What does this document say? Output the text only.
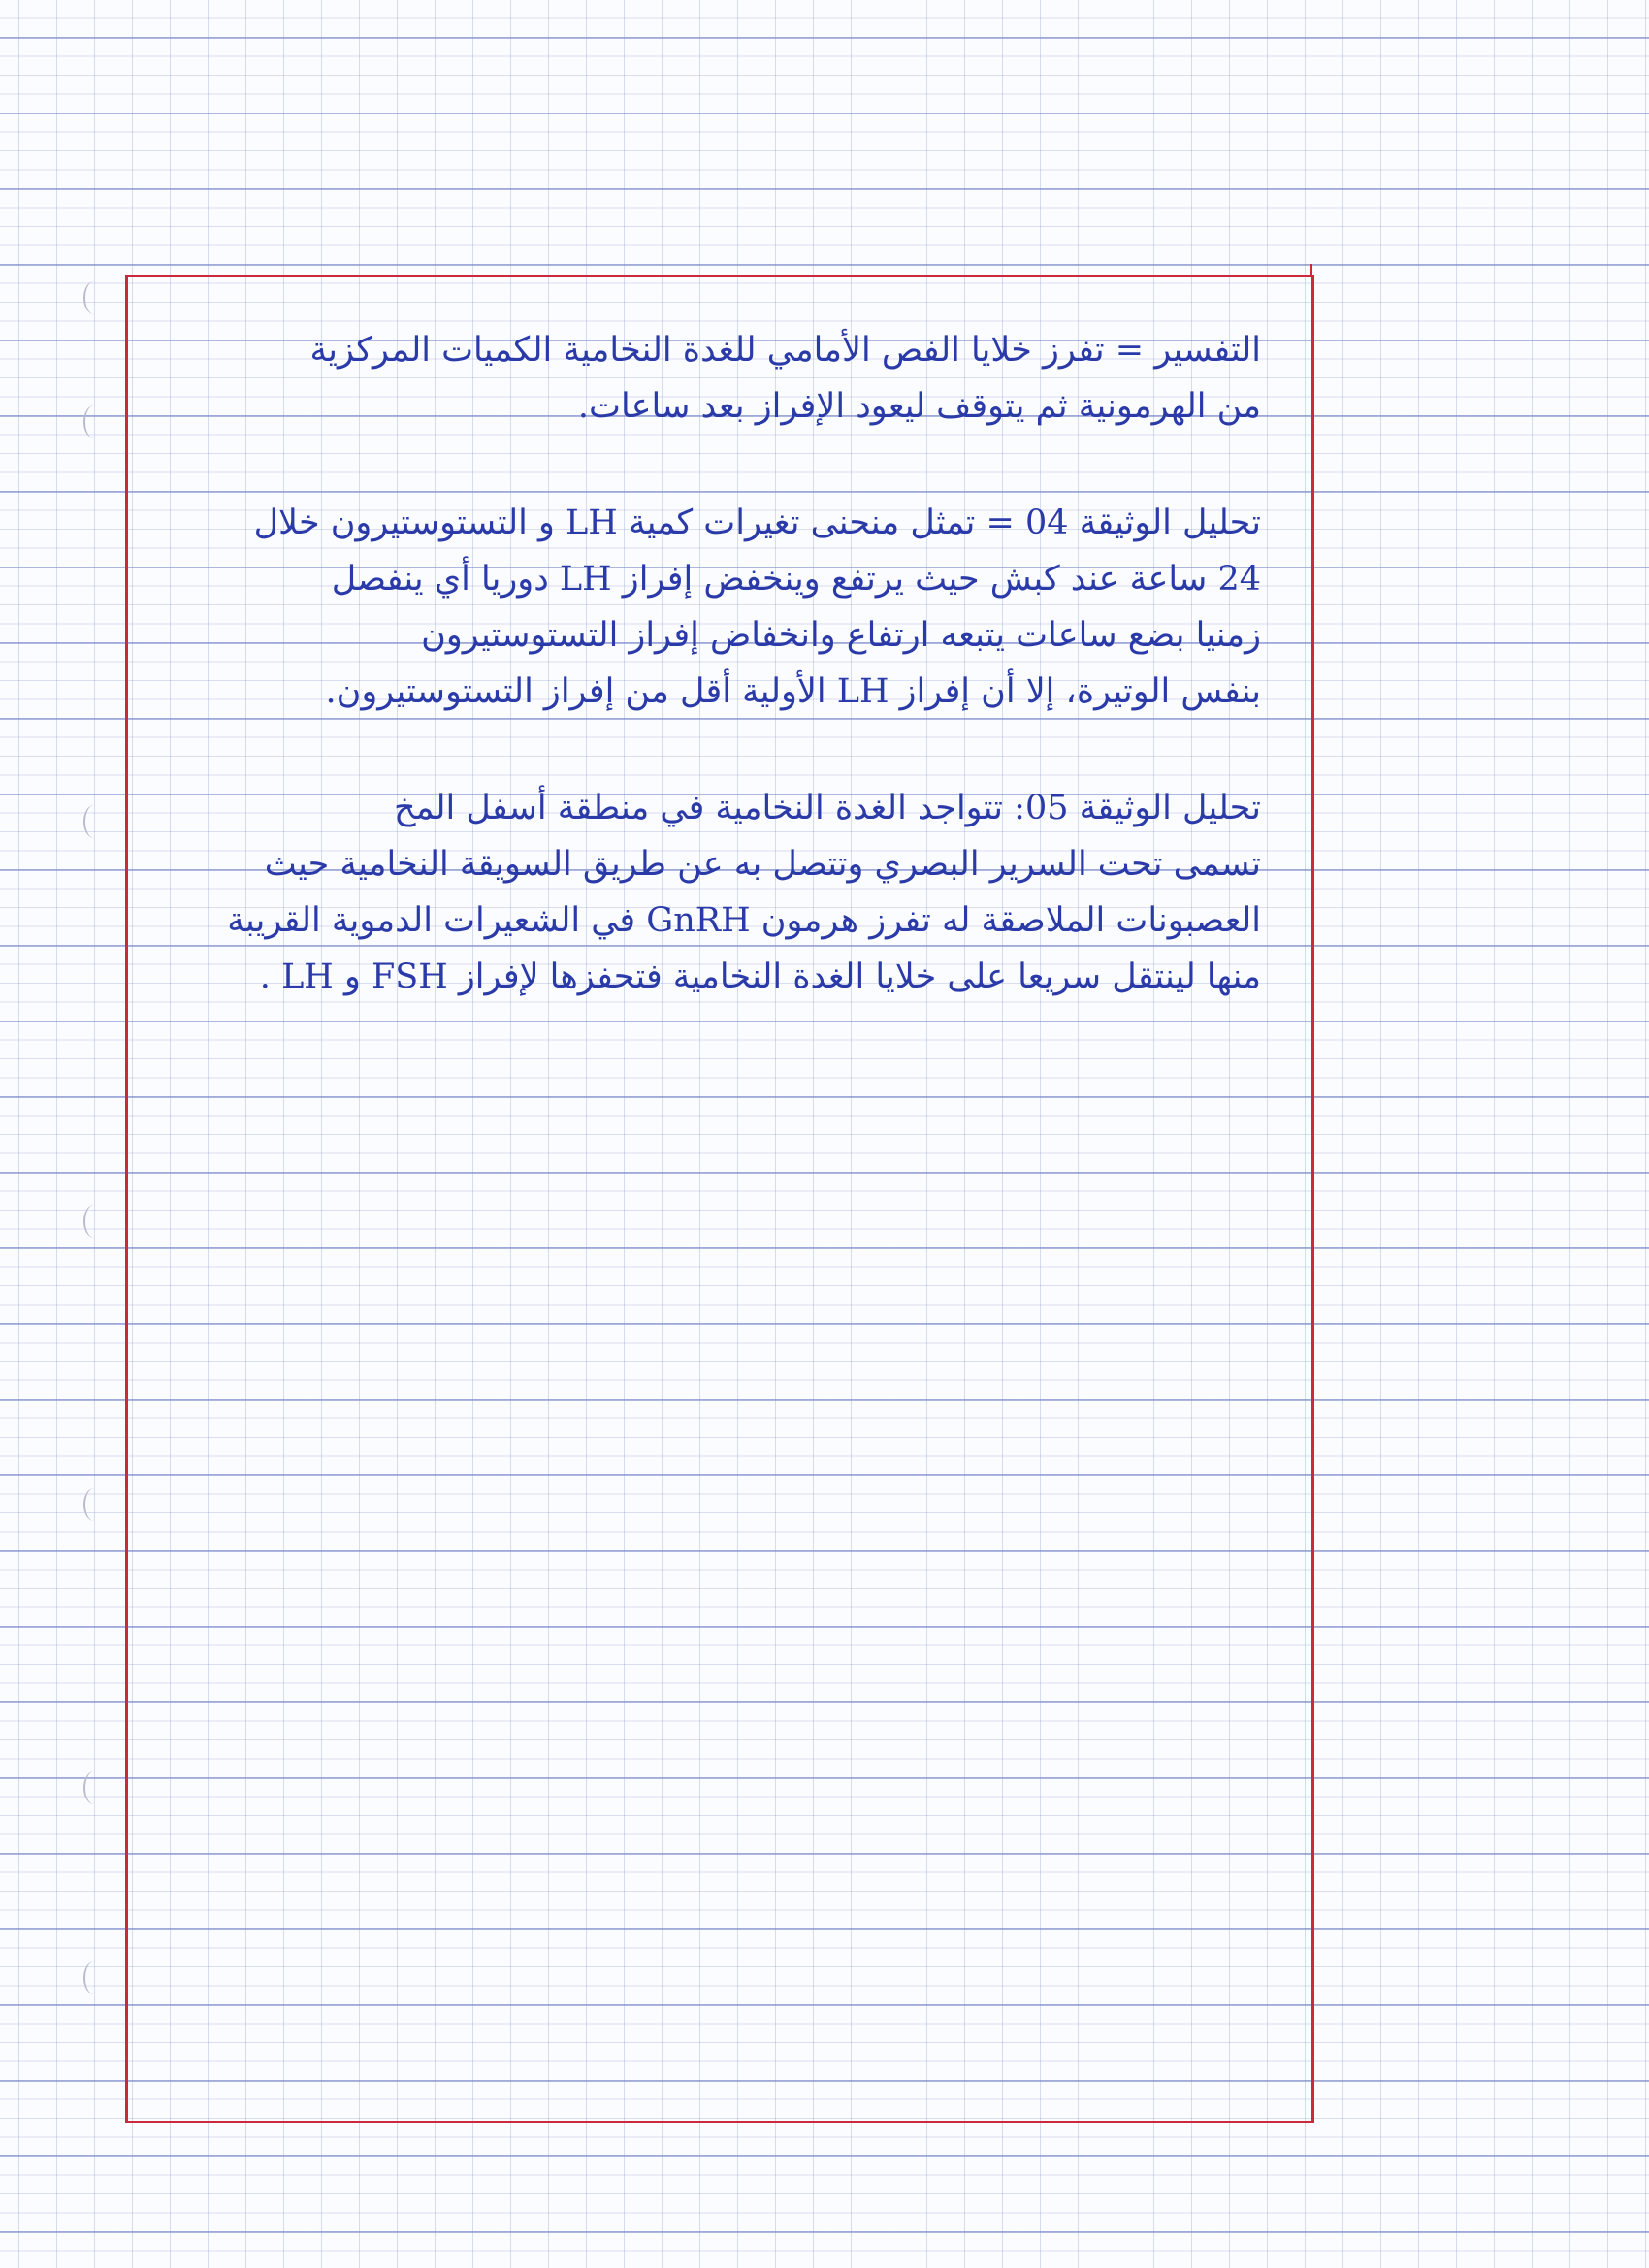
التفسير = تفرز خلايا الفص الأمامي للغدة النخامية الكميات المركزية
من الهرمونية ثم يتوقف ليعود الإفراز بعد ساعات.

تحليل الوثيقة 04 = تمثل منحنى تغيرات كمية LH و التستوستيرون خلال
24 ساعة عند كبش حيث يرتفع وينخفض إفراز LH دوريا أي ينفصل
زمنيا بضع ساعات يتبعه ارتفاع وانخفاض إفراز التستوستيرون
بنفس الوتيرة، إلا أن إفراز LH الأولية أقل من إفراز التستوستيرون.

تحليل الوثيقة 05: تتواجد الغدة النخامية في منطقة أسفل المخ
تسمى تحت السرير البصري وتتصل به عن طريق السويقة النخامية حيث
العصبونات الملاصقة له تفرز هرمون GnRH في الشعيرات الدموية القريبة
منها لينتقل سريعا على خلايا الغدة النخامية فتحفزها لإفراز FSH و LH .
